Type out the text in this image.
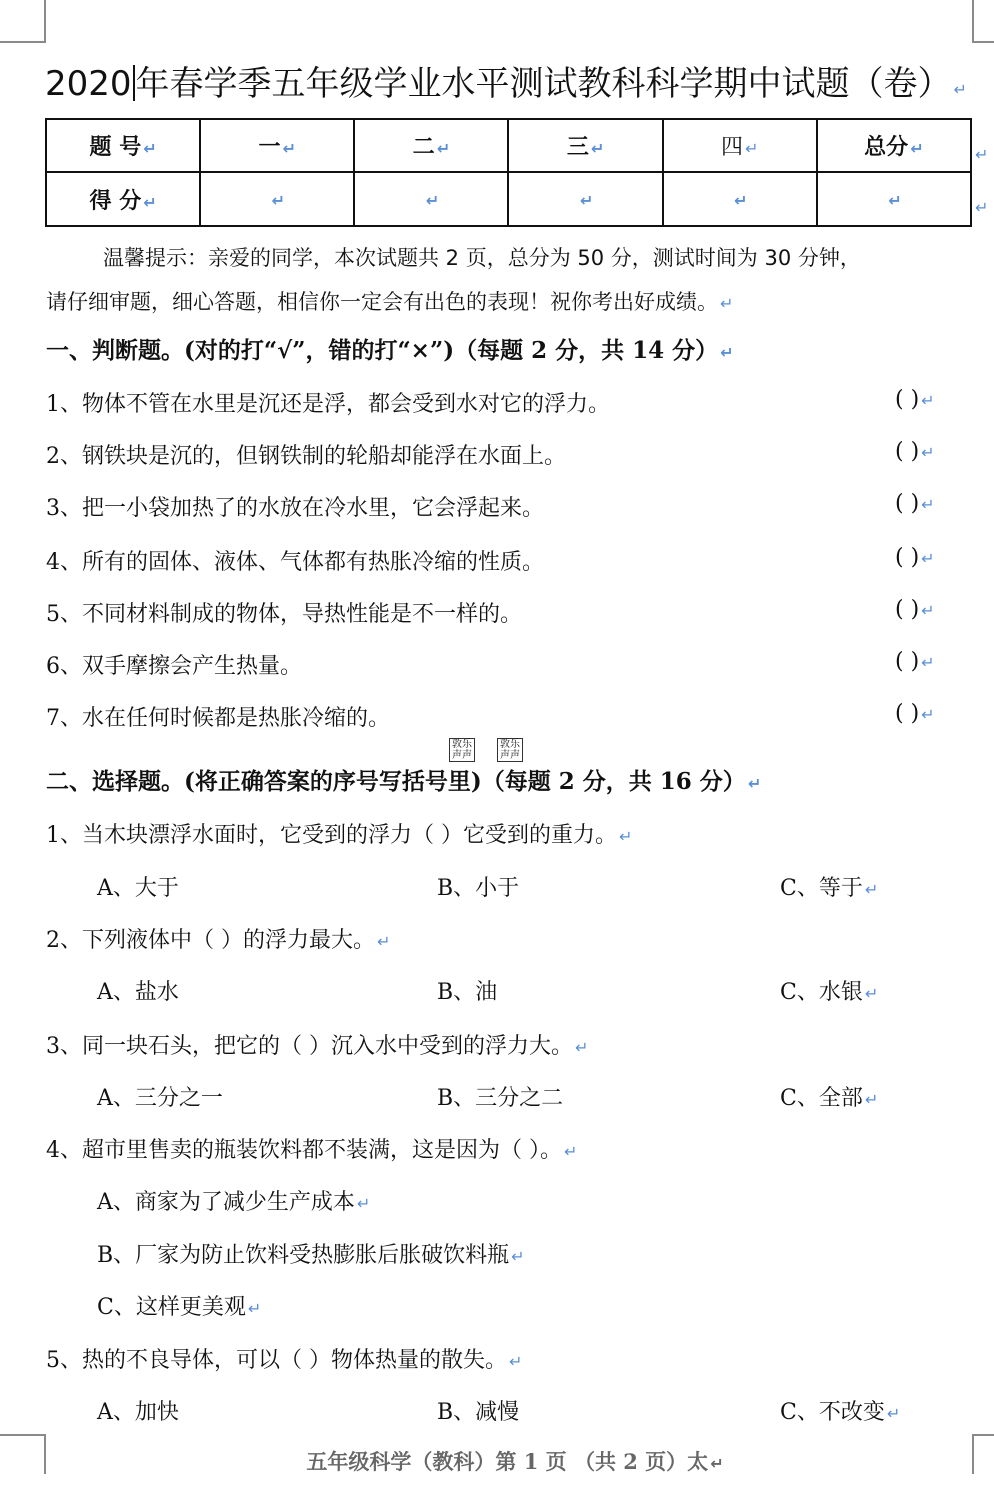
2020 年春学季五年级学业水平测试教科科学期中试题（卷） ↵
题 号 ↵	一 ↵	二 ↵	三 ↵	四 ↵	总分 ↵
得 分 ↵	↵	↵	↵	↵	↵
↵
↵
温馨提示：亲爱的同学，本次试题共 2 页，总分为 50 分，测试时间为 30 分钟，
请仔细审题，细心答题，相信你一定会有出色的表现！祝你考出好成绩。 ↵
一、判断题。(对的打“√”，错的打“×”)（每题 2 分，共 14 分） ↵
1、物体不管在水里是沉还是浮，都会受到水对它的浮力。	( ) ↵
2、钢铁块是沉的，但钢铁制的轮船却能浮在水面上。	( ) ↵
3、把一小袋加热了的水放在冷水里，它会浮起来。	( ) ↵
4、所有的固体、液体、气体都有热胀冷缩的性质。	( ) ↵
5、不同材料制成的物体，导热性能是不一样的。	( ) ↵
6、双手摩擦会产生热量。	( ) ↵
7、水在任何时候都是热胀冷缩的。	( ) ↵
敦乐
声声
敦乐
声声
二、选择题。(将正确答案的序号写括号里)（每题 2 分，共 16 分） ↵
1、当木块漂浮水面时，它受到的浮力（ ）它受到的重力。 ↵
A、大于	B、小于	C、等于 ↵
2、下列液体中（ ）的浮力最大。 ↵
A、盐水	B、油	C、水银 ↵
3、同一块石头，把它的（ ）沉入水中受到的浮力大。 ↵
A、三分之一	B、三分之二	C、全部 ↵
4、超市里售卖的瓶装饮料都不装满，这是因为（ ）。 ↵
A、商家为了减少生产成本 ↵
B、厂家为防止饮料受热膨胀后胀破饮料瓶 ↵
C、这样更美观 ↵
5、热的不良导体，可以（ ）物体热量的散失。 ↵
A、加快	B、减慢	C、不改变 ↵
五年级科学（教科）第 1 页 （共 2 页）太 ↵
